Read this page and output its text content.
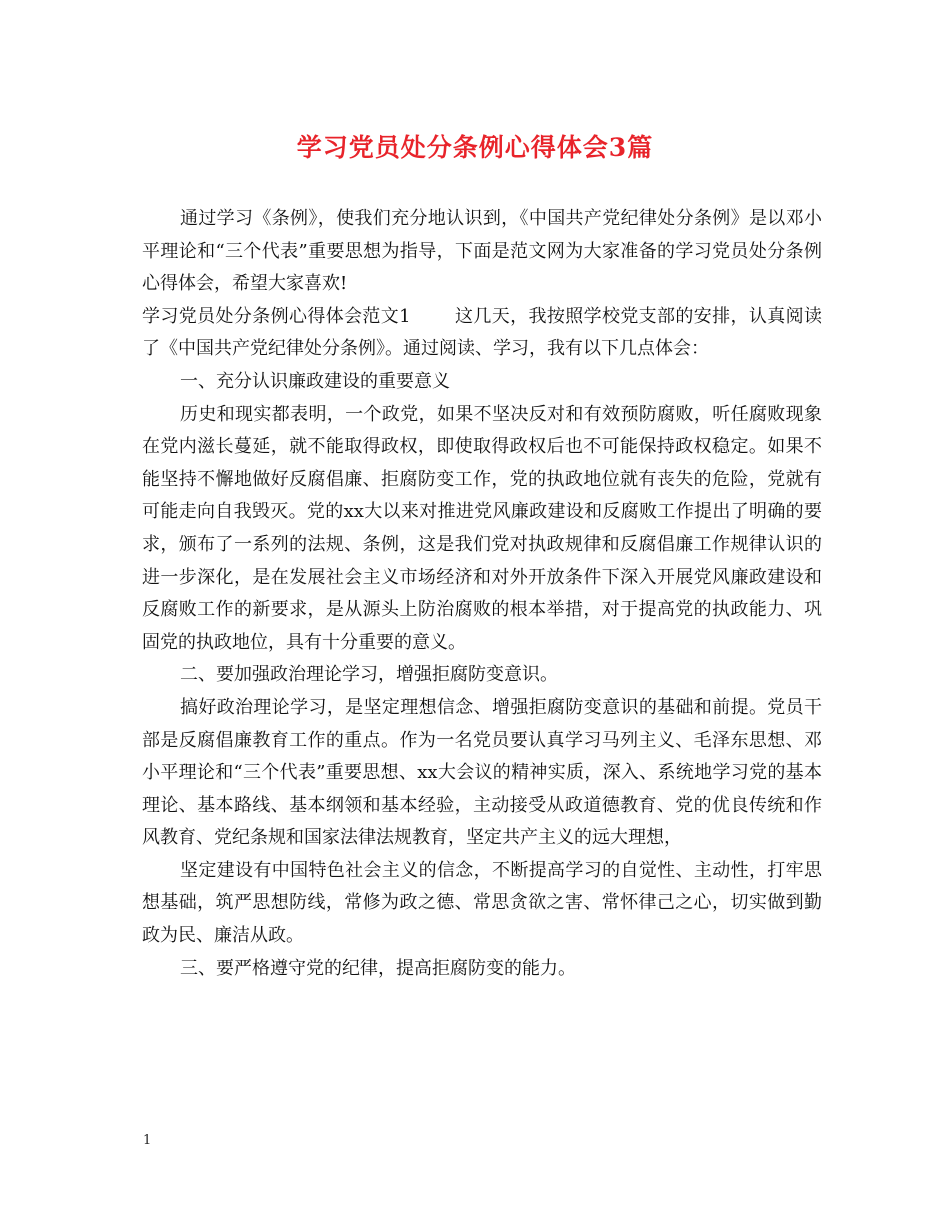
学习党员处分条例心得体会3篇

通过学习《条例》，使我们充分地认识到，《中国共产党纪律处分条例》是以邓小平理论和“三个代表”重要思想为指导，下面是范文网为大家准备的学习党员处分条例心得体会，希望大家喜欢!

学习党员处分条例心得体会范文1 这几天，我按照学校党支部的安排，认真阅读了《中国共产党纪律处分条例》。通过阅读、学习，我有以下几点体会：

一、充分认识廉政建设的重要意义

历史和现实都表明，一个政党，如果不坚决反对和有效预防腐败，听任腐败现象在党内滋长蔓延，就不能取得政权，即使取得政权后也不可能保持政权稳定。如果不能坚持不懈地做好反腐倡廉、拒腐防变工作，党的执政地位就有丧失的危险，党就有可能走向自我毁灭。党的xx大以来对推进党风廉政建设和反腐败工作提出了明确的要求，颁布了一系列的法规、条例，这是我们党对执政规律和反腐倡廉工作规律认识的进一步深化，是在发展社会主义市场经济和对外开放条件下深入开展党风廉政建设和反腐败工作的新要求，是从源头上防治腐败的根本举措，对于提高党的执政能力、巩固党的执政地位，具有十分重要的意义。

二、要加强政治理论学习，增强拒腐防变意识。

搞好政治理论学习，是坚定理想信念、增强拒腐防变意识的基础和前提。党员干部是反腐倡廉教育工作的重点。作为一名党员要认真学习马列主义、毛泽东思想、邓小平理论和“三个代表”重要思想、xx大会议的精神实质，深入、系统地学习党的基本理论、基本路线、基本纲领和基本经验，主动接受从政道德教育、党的优良传统和作风教育、党纪条规和国家法律法规教育，坚定共产主义的远大理想，

坚定建设有中国特色社会主义的信念，不断提高学习的自觉性、主动性，打牢思想基础，筑严思想防线，常修为政之德、常思贪欲之害、常怀律己之心，切实做到勤政为民、廉洁从政。

三、要严格遵守党的纪律，提高拒腐防变的能力。

1
